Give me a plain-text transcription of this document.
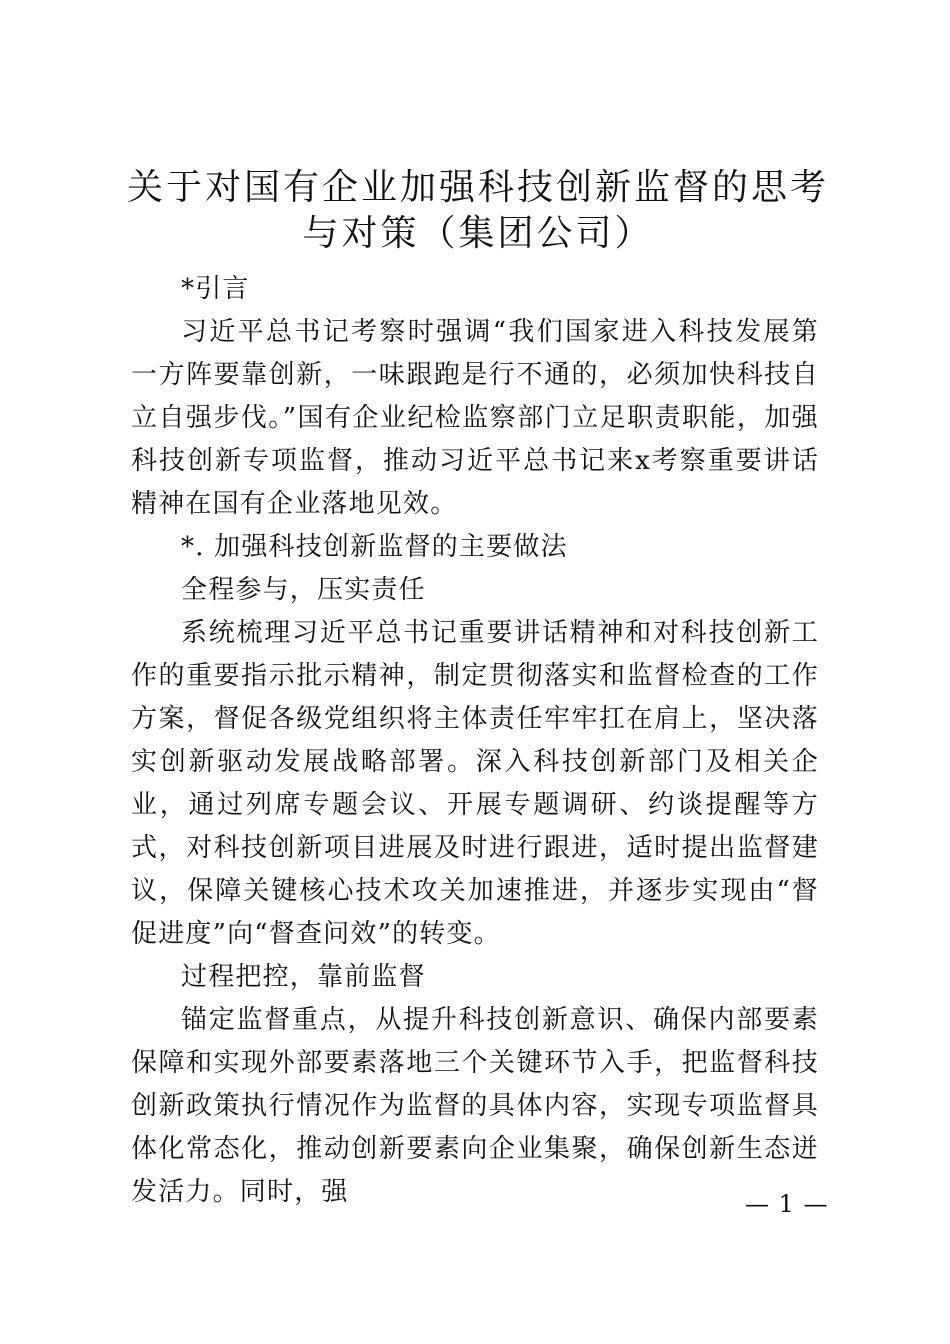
关于对国有企业加强科技创新监督的思考与对策（集团公司）

*引言

习近平总书记考察时强调“我们国家进入科技发展第一方阵要靠创新，一味跟跑是行不通的，必须加快科技自立自强步伐。”国有企业纪检监察部门立足职责职能，加强科技创新专项监督，推动习近平总书记来x考察重要讲话精神在国有企业落地见效。

*. 加强科技创新监督的主要做法

全程参与，压实责任

系统梳理习近平总书记重要讲话精神和对科技创新工作的重要指示批示精神，制定贯彻落实和监督检查的工作方案，督促各级党组织将主体责任牢牢扛在肩上，坚决落实创新驱动发展战略部署。深入科技创新部门及相关企业，通过列席专题会议、开展专题调研、约谈提醒等方式，对科技创新项目进展及时进行跟进，适时提出监督建议，保障关键核心技术攻关加速推进，并逐步实现由“督促进度”向“督查问效”的转变。

过程把控，靠前监督

锚定监督重点，从提升科技创新意识、确保内部要素保障和实现外部要素落地三个关键环节入手，把监督科技创新政策执行情况作为监督的具体内容，实现专项监督具体化常态化，推动创新要素向企业集聚，确保创新生态迸发活力。同时，强	— 1 —
